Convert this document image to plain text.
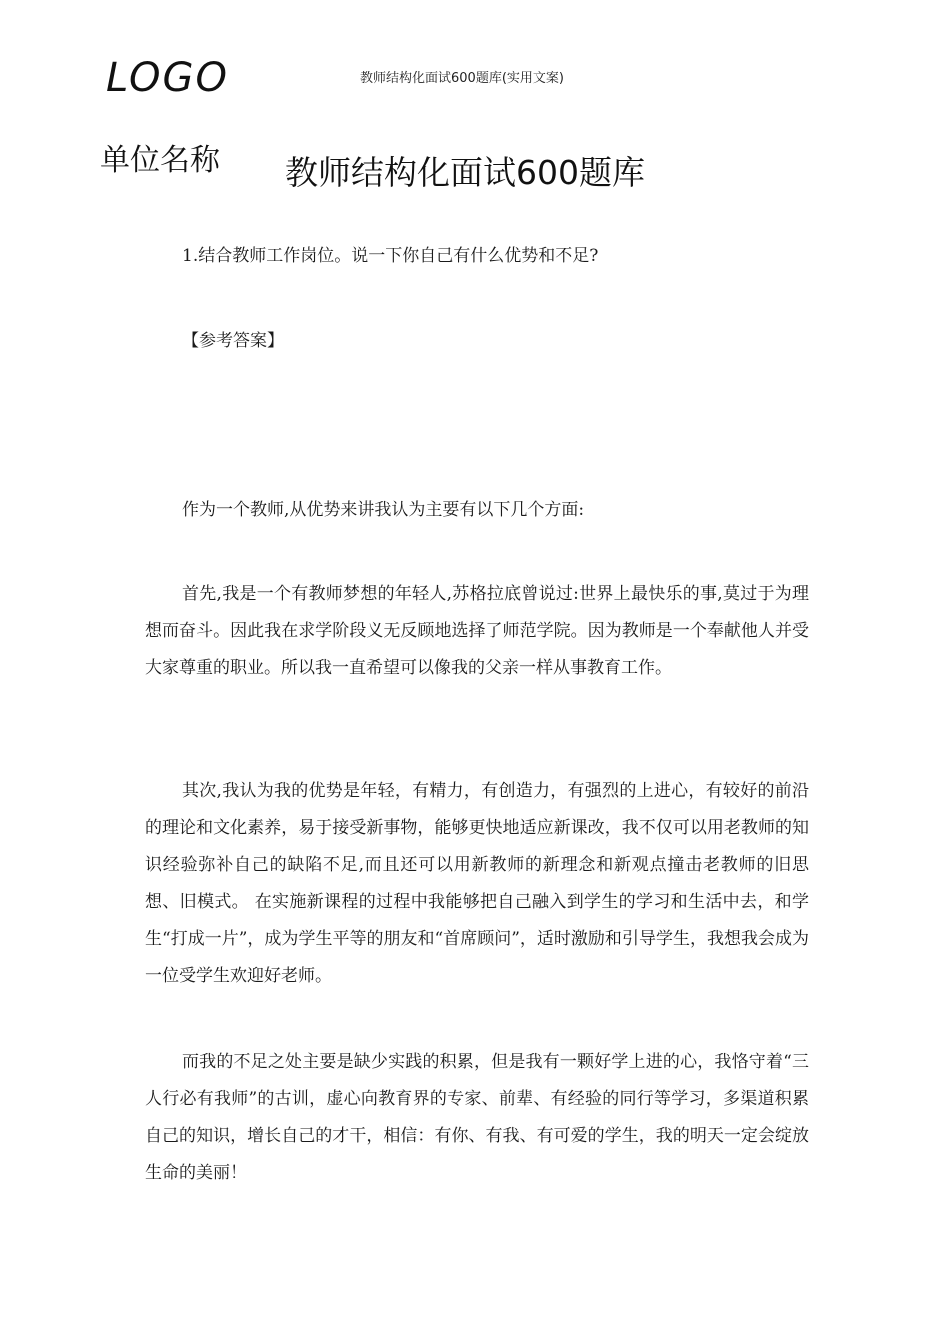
LOGO	教师结构化面试600题库(实用文案)
单位名称 教师结构化面试600题库
1.结合教师工作岗位。说一下你自己有什么优势和不足?
【参考答案】

作为一个教师,从优势来讲我认为主要有以下几个方面:

首先,我是一个有教师梦想的年轻人,苏格拉底曾说过:世界上最快乐的事,莫过于为理想而奋斗。因此我在求学阶段义无反顾地选择了师范学院。因为教师是一个奉献他人并受大家尊重的职业。所以我一直希望可以像我的父亲一样从事教育工作。

其次,我认为我的优势是年轻，有精力，有创造力，有强烈的上进心，有较好的前沿的理论和文化素养，易于接受新事物，能够更快地适应新课改，我不仅可以用老教师的知识经验弥补自己的缺陷不足,而且还可以用新教师的新理念和新观点撞击老教师的旧思想、旧模式。 在实施新课程的过程中我能够把自己融入到学生的学习和生活中去，和学生“打成一片”，成为学生平等的朋友和“首席顾问”，适时激励和引导学生，我想我会成为一位受学生欢迎好老师。

而我的不足之处主要是缺少实践的积累，但是我有一颗好学上进的心，我恪守着“三人行必有我师”的古训，虚心向教育界的专家、前辈、有经验的同行等学习，多渠道积累自己的知识，增长自己的才干，相信：有你、有我、有可爱的学生，我的明天一定会绽放生命的美丽！
